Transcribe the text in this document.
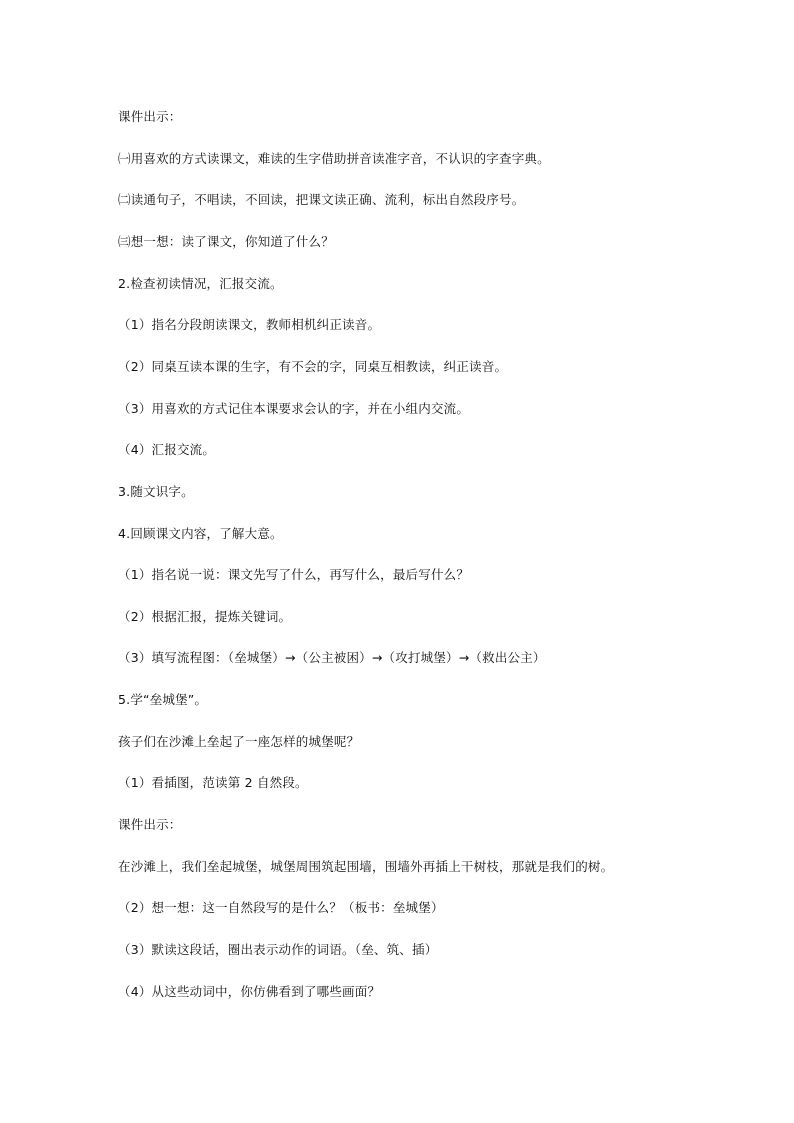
课件出示：
㈠用喜欢的方式读课文，难读的生字借助拼音读准字音，不认识的字查字典。
㈡读通句子，不唱读，不回读，把课文读正确、流利，标出自然段序号。
㈢想一想：读了课文，你知道了什么？
2.检查初读情况，汇报交流。
（1）指名分段朗读课文，教师相机纠正读音。
（2）同桌互读本课的生字，有不会的字，同桌互相教读，纠正读音。
（3）用喜欢的方式记住本课要求会认的字，并在小组内交流。
（4）汇报交流。
3.随文识字。
4.回顾课文内容，了解大意。
（1）指名说一说：课文先写了什么，再写什么，最后写什么？
（2）根据汇报，提炼关键词。
（3）填写流程图：（垒城堡）→（公主被困）→（攻打城堡）→（救出公主）
5.学“垒城堡”。
孩子们在沙滩上垒起了一座怎样的城堡呢？
（1）看插图，范读第 2 自然段。
课件出示：
在沙滩上，我们垒起城堡，城堡周围筑起围墙，围墙外再插上干树枝，那就是我们的树。
（2）想一想：这一自然段写的是什么？（板书：垒城堡）
（3）默读这段话，圈出表示动作的词语。（垒、筑、插）
（4）从这些动词中，你仿佛看到了哪些画面？
